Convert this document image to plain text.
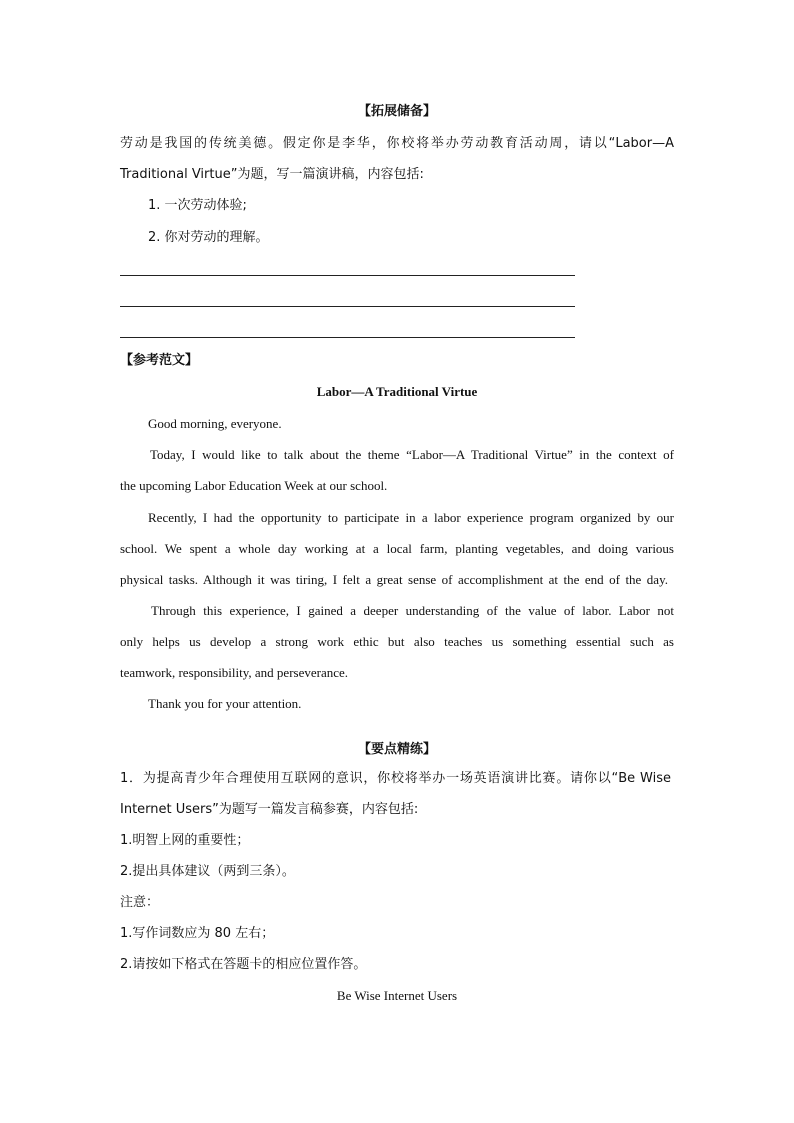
【拓展储备】
劳动是我国的传统美德。假定你是李华，你校将举办劳动教育活动周，请以“Labor—A
Traditional Virtue”为题，写一篇演讲稿，内容包括:
1. 一次劳动体验;
2. 你对劳动的理解。
【参考范文】
Labor—A Traditional Virtue
Good morning, everyone.
Today, I would like to talk about the theme “Labor—A Traditional Virtue” in the context of
the upcoming Labor Education Week at our school.
Recently, I had the opportunity to participate in a labor experience program organized by our
school. We spent a whole day working at a local farm, planting vegetables, and doing various
physical tasks. Although it was tiring, I felt a great sense of accomplishment at the end of the day.
Through this experience, I gained a deeper understanding of the value of labor. Labor not
only helps us develop a strong work ethic but also teaches us something essential such as
teamwork, responsibility, and perseverance.
Thank you for your attention.
【要点精练】
1．为提高青少年合理使用互联网的意识，你校将举办一场英语演讲比赛。请你以“Be Wise
Internet Users”为题写一篇发言稿参赛，内容包括:
1.明智上网的重要性；
2.提出具体建议（两到三条）。
注意：
1.写作词数应为 80 左右；
2.请按如下格式在答题卡的相应位置作答。
Be Wise Internet Users
